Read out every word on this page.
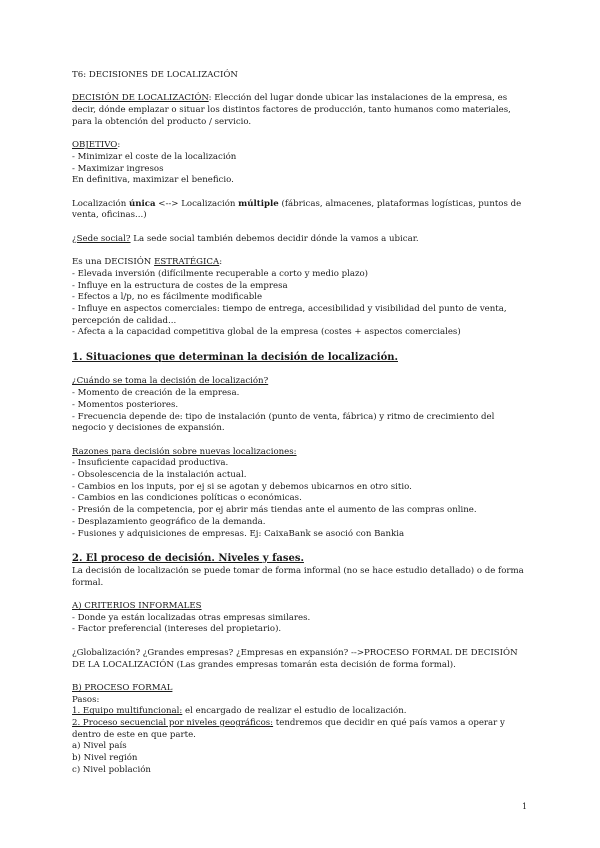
T6: DECISIONES DE LOCALIZACIÓN

DECISIÓN DE LOCALIZACIÓN: Elección del lugar donde ubicar las instalaciones de la empresa, es decir, dónde emplazar o situar los distintos factores de producción, tanto humanos como materiales, para la obtención del producto / servicio.

OBJETIVO:

- Minimizar el coste de la localización

- Maximizar ingresos

En definitiva, maximizar el beneficio.

Localización única <--> Localización múltiple (fábricas, almacenes, plataformas logísticas, puntos de venta, oficinas...)

¿Sede social? La sede social también debemos decidir dónde la vamos a ubicar.

Es una DECISIÓN ESTRATÉGICA:

- Elevada inversión (difícilmente recuperable a corto y medio plazo)

- Influye en la estructura de costes de la empresa

- Efectos a l/p, no es fácilmente modificable

- Influye en aspectos comerciales: tiempo de entrega, accesibilidad y visibilidad del punto de venta, percepción de calidad...

- Afecta a la capacidad competitiva global de la empresa (costes + aspectos comerciales)

1. Situaciones que determinan la decisión de localización.

¿Cuándo se toma la decisión de localización?

- Momento de creación de la empresa.

- Momentos posteriores.

- Frecuencia depende de: tipo de instalación (punto de venta, fábrica) y ritmo de crecimiento del negocio y decisiones de expansión.

Razones para decisión sobre nuevas localizaciones:

- Insuficiente capacidad productiva.

- Obsolescencia de la instalación actual.

- Cambios en los inputs, por ej si se agotan y debemos ubicarnos en otro sitio.

- Cambios en las condiciones políticas o económicas.

- Presión de la competencia, por ej abrir más tiendas ante el aumento de las compras online.

- Desplazamiento geográfico de la demanda.

- Fusiones y adquisiciones de empresas. Ej: CaixaBank se asoció con Bankia

2. El proceso de decisión. Niveles y fases.

La decisión de localización se puede tomar de forma informal (no se hace estudio detallado) o de forma formal.

A) CRITERIOS INFORMALES

- Donde ya están localizadas otras empresas similares.

- Factor preferencial (intereses del propietario).

¿Globalización? ¿Grandes empresas? ¿Empresas en expansión? -->PROCESO FORMAL DE DECISIÓN DE LA LOCALIZACIÓN (Las grandes empresas tomarán esta decisión de forma formal).

B) PROCESO FORMAL

Pasos:

1. Equipo multifuncional: el encargado de realizar el estudio de localización.

2. Proceso secuencial por niveles geográficos: tendremos que decidir en qué país vamos a operar y dentro de este en que parte.

a) Nivel país

b) Nivel región

c) Nivel población

1
